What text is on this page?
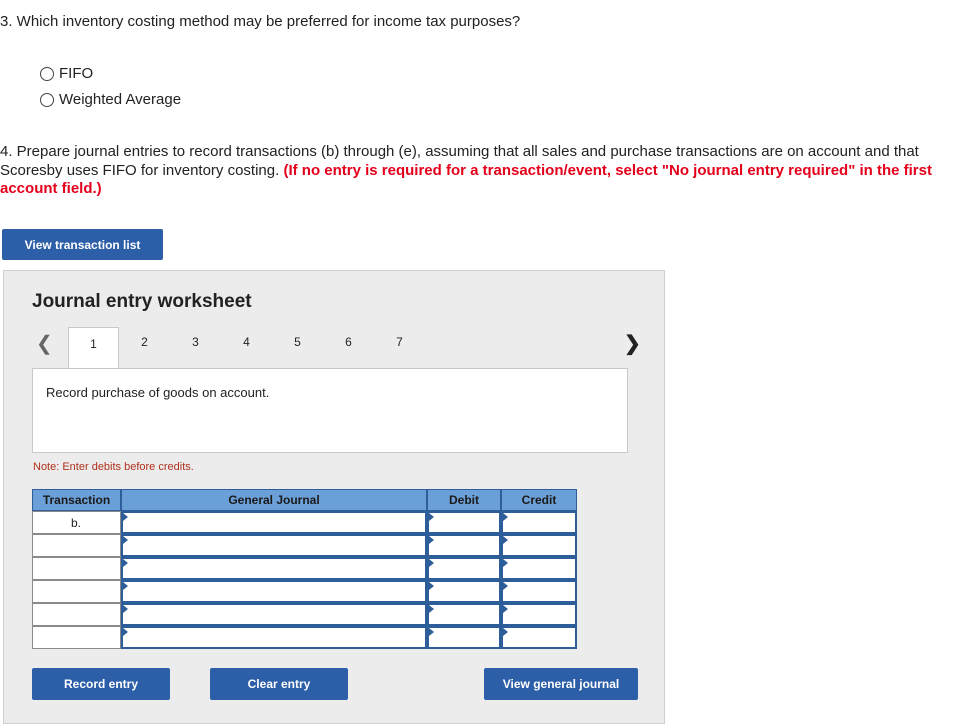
3. Which inventory costing method may be preferred for income tax purposes?
FIFO
Weighted Average
4. Prepare journal entries to record transactions (b) through (e), assuming that all sales and purchase transactions are on account and that Scoresby uses FIFO for inventory costing. (If no entry is required for a transaction/event, select "No journal entry required" in the first account field.)
View transaction list
Journal entry worksheet
❮	1	2	3	4	5	6	7	❯
Record purchase of goods on account.
Note: Enter debits before credits.
Transaction	General Journal	Debit	Credit
b.
Record entry	Clear entry	View general journal
